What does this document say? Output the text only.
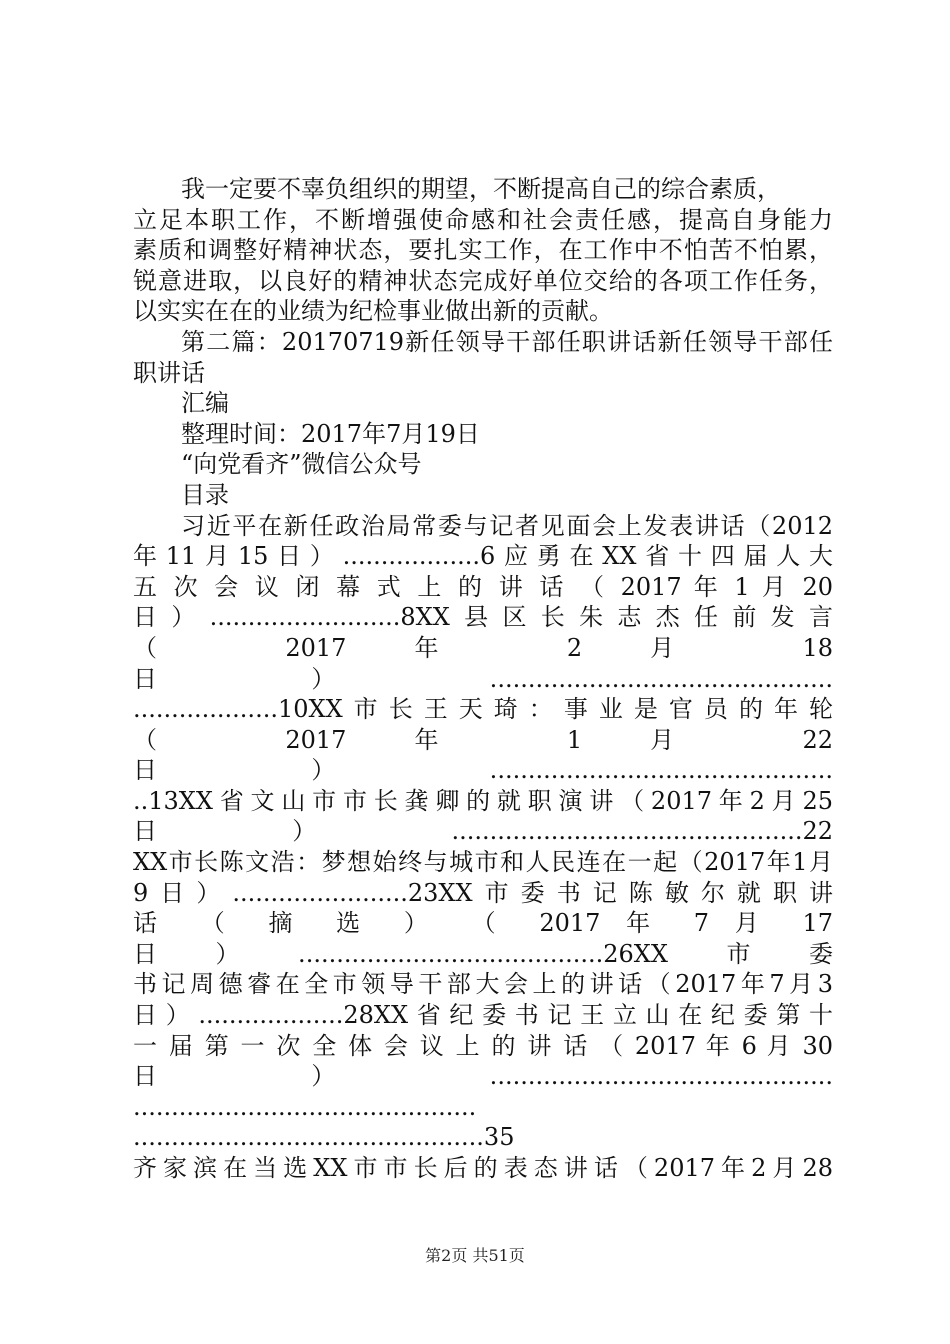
我一定要不辜负组织的期望，不断提高自己的综合素质，
立足本职工作，不断增强使命感和社会责任感，提高自身能力
素质和调整好精神状态，要扎实工作，在工作中不怕苦不怕累，
锐意进取，以良好的精神状态完成好单位交给的各项工作任务，
以实实在在的业绩为纪检事业做出新的贡献。
第二篇：20170719新任领导干部任职讲话新任领导干部任
职讲话
汇编
整理时间：2017年7月19日
“向党看齐”微信公众号
目录
习近平在新任政治局常委与记者见面会上发表讲话（2012
年11月15日）..................6应勇在XX省十四届人大
五 次 会 议 闭 幕 式 上 的 讲 话 （ 2017 年 1 月 20
日）.........................8XX县区长朱志杰任前发言
（ 2017 年 2 月 18
日）.............................................
...................10XX市长王天琦：事业是官员的年轮
（ 2017 年 1 月 22
日）.............................................
..13XX省文山市市长龚卿的就职演讲（2017年2月25
日）..............................................22
XX市长陈文浩：梦想始终与城市和人民连在一起（2017年1月
9日）.......................23XX市委书记陈敏尔就职讲
话 （ 摘 选 ） （ 2017 年 7 月 17
日）........................................26XX市委
书记周德睿在全市领导干部大会上的讲话（2017年7月3
日）...................28XX省纪委书记王立山在纪委第十
一 届 第 一 次 全 体 会 议 上 的 讲 话 （ 2017 年 6 月 30
日）.............................................
.............................................
..............................................35
齐家滨在当选XX市市长后的表态讲话（2017年2月28
第2页 共51页
